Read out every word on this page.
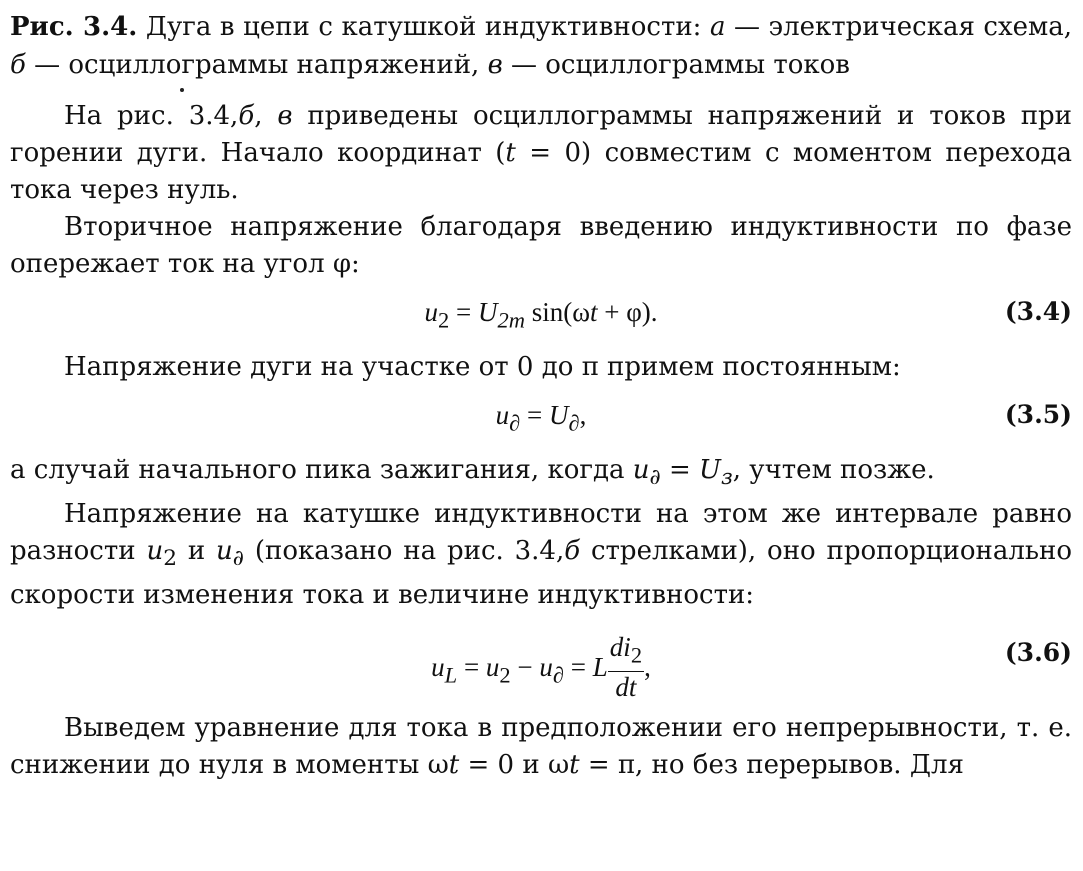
Рис. 3.4. Дуга в цепи с катушкой индуктивности: а — электрическая схема, б — осциллограммы напряжений, в — осциллограммы токов

На рис. 3.4,б, в приведены осциллограммы напряжений и токов при горении дуги. Начало координат (t = 0) совместим с моментом перехода тока через нуль.

Вторичное напряжение благодаря введению индуктивности по фазе опережает ток на угол φ:

$u_2 = U_{2m}$ sin(ωt + φ).	(3.4)

Напряжение дуги на участке от 0 до π примем постоянным:

$u_\partial = U_\partial$,	(3.5)

а случай начального пика зажигания, когда $u_\partial = U_з$, учтем позже.

Напряжение на катушке индуктивности на этом же интервале равно разности $u_2$ и $u_\partial$ (показано на рис. 3.4,б стрелками), оно пропорционально скорости изменения тока и величине индуктивности:

$u_L = u_2 - u_\partial = L \frac{di_2}{dt}$ ,	(3.6)

Выведем уравнение для тока в предположении его непрерывности, т. е. снижении до нуля в моменты ωt = 0 и ωt = π, но без перерывов. Для
